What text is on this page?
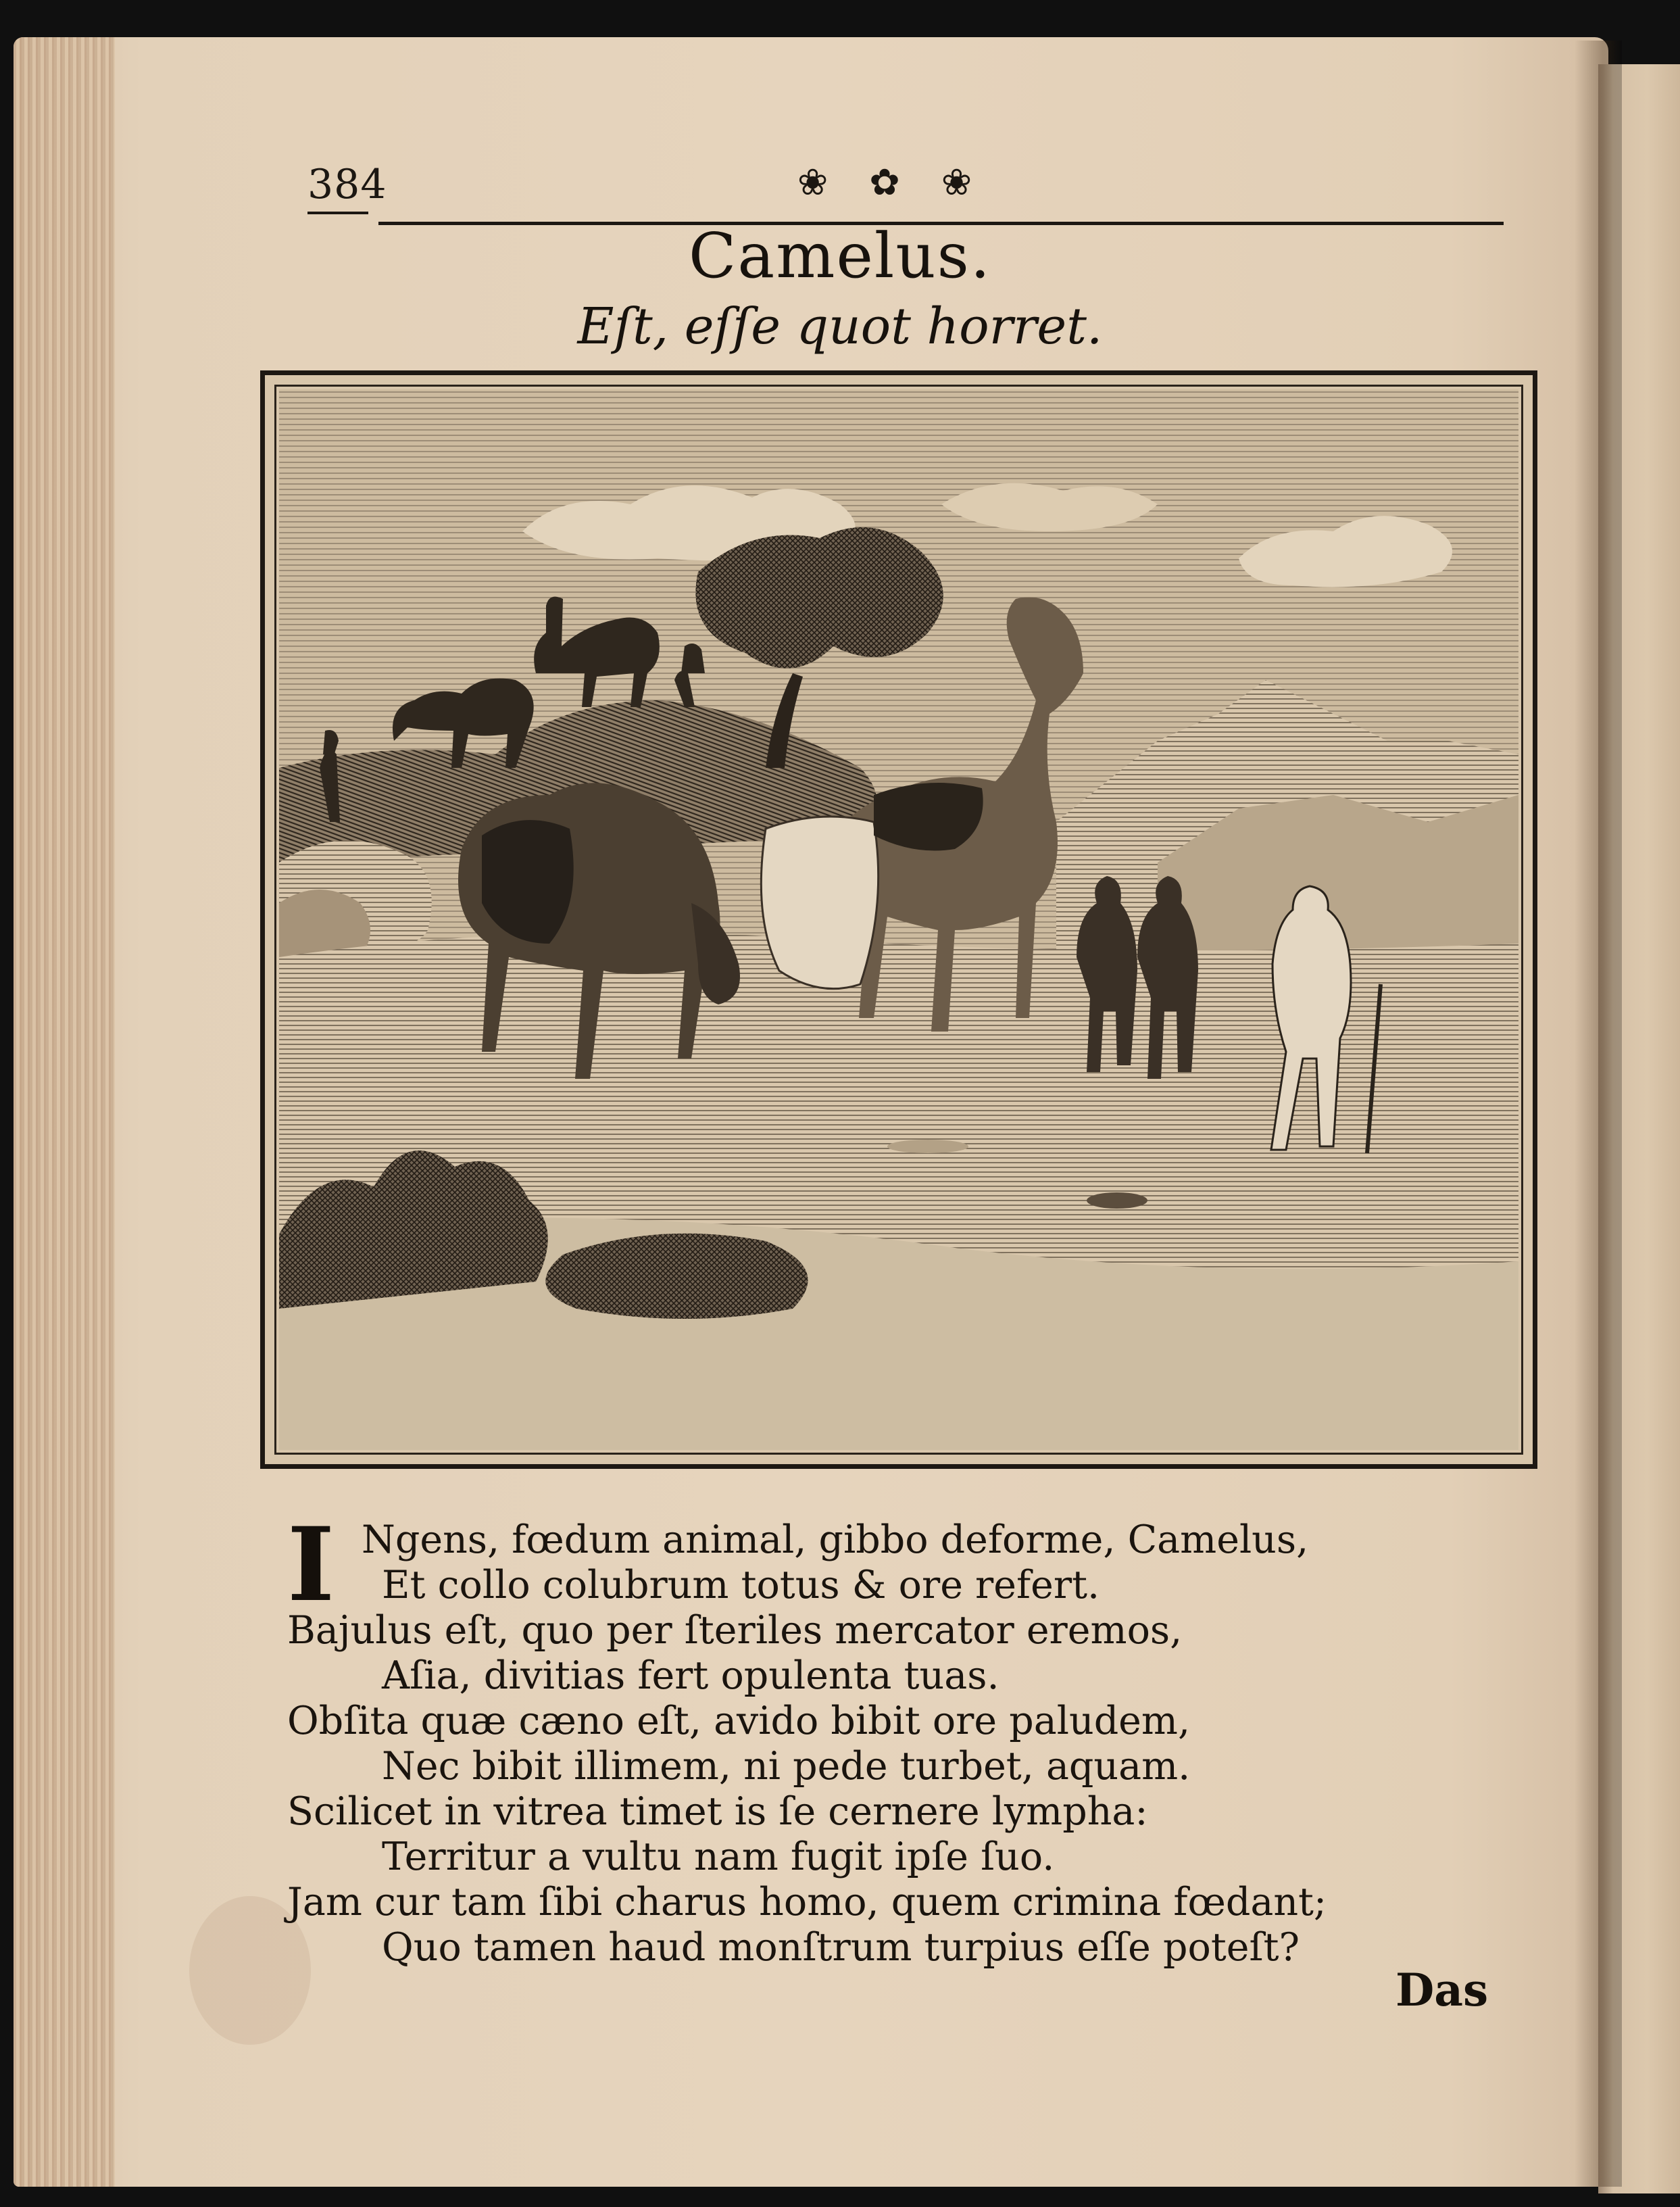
384	❀ ✿ ❀
Camelus.
Eſt, eſſe quot horret.
I Ngens, fœdum animal, gibbo deforme, Camelus,
Et collo colubrum totus & ore refert.
Bajulus eſt, quo per ſteriles mercator eremos,
Aſia, divitias fert opulenta tuas.
Obſita quæ cæno eſt, avido bibit ore paludem,
Nec bibit illimem, ni pede turbet, aquam.
Scilicet in vitrea timet is ſe cernere lympha:
Territur a vultu nam fugit ipſe ſuo.
Jam cur tam ſibi charus homo, quem crimina fœdant;
Quo tamen haud monſtrum turpius eſſe poteſt?
Das
